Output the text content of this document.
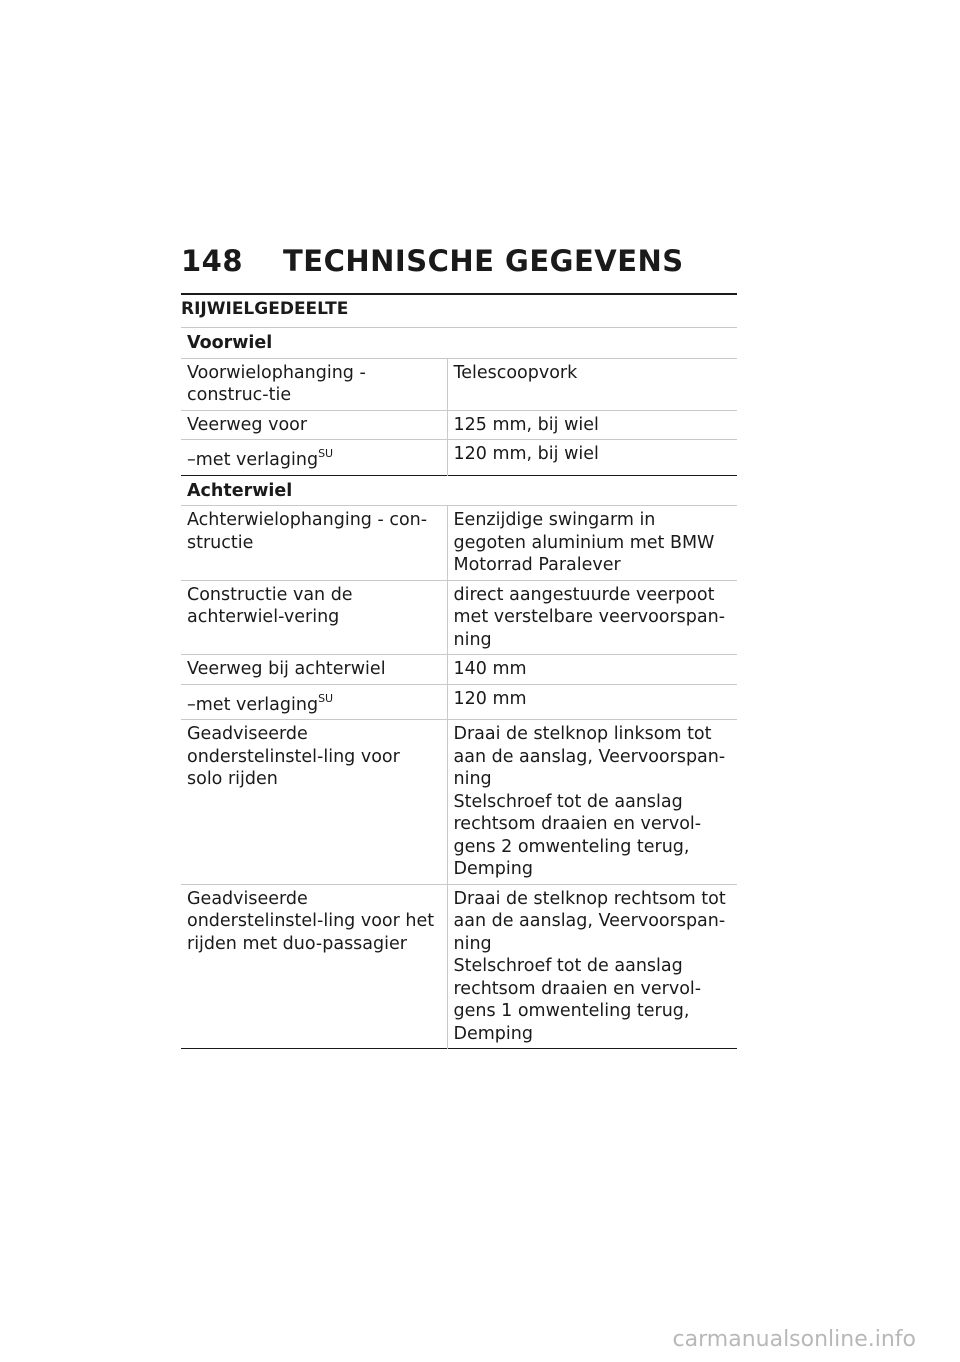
148	TECHNISCHE GEGEVENS
RIJWIELGEDEELTE
Voorwiel	
Voorwielophanging - construc-tie	Telescoopvork
Veerweg voor	125 mm, bij wiel
–met verlaging$^{SU}$	120 mm, bij wiel
Achterwiel	
Achterwielophanging - con-structie	Eenzijdige swingarm in gegoten aluminium met BMW Motorrad Paralever
Constructie van de achterwiel-vering	direct aangestuurde veerpoot met verstelbare veervoorspan-ning
Veerweg bij achterwiel	140 mm
–met verlaging$^{SU}$	120 mm
Geadviseerde onderstelinstel-ling voor solo rijden	Draai de stelknop linksom tot aan de aanslag, Veervoorspan-ning
Stelschroef tot de aanslag rechtsom draaien en vervol-gens 2 omwenteling terug, Demping

Geadviseerde onderstelinstel-ling voor het rijden met duo-passagier	Draai de stelknop rechtsom tot aan de aanslag, Veervoorspan-ning
Stelschroef tot de aanslag rechtsom draaien en vervol-gens 1 omwenteling terug, Demping
carmanualsonline.info
